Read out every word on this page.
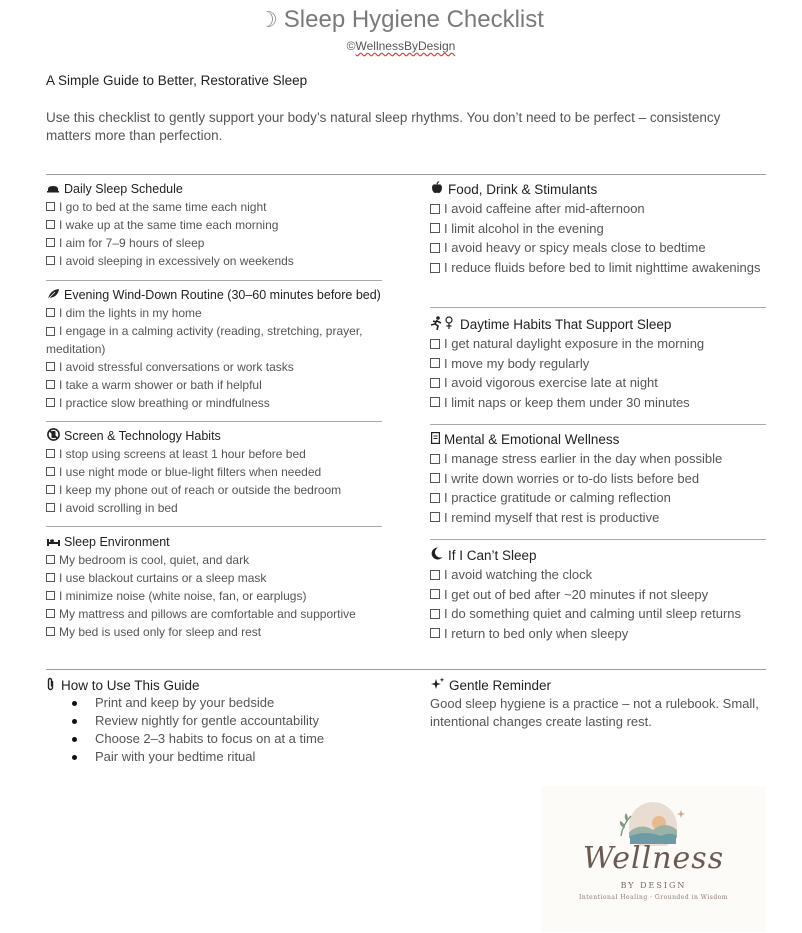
☽ Sleep Hygiene Checklist
©WellnessByDesign
A Simple Guide to Better, Restorative Sleep
Use this checklist to gently support your body’s natural sleep rhythms. You don’t need to be perfect – consistency matters more than perfection.
Daily Sleep Schedule
I go to bed at the same time each night
I wake up at the same time each morning
I aim for 7–9 hours of sleep
I avoid sleeping in excessively on weekends
Evening Wind-Down Routine (30–60 minutes before bed)
I dim the lights in my home
I engage in a calming activity (reading, stretching, prayer, meditation)
I avoid stressful conversations or work tasks
I take a warm shower or bath if helpful
I practice slow breathing or mindfulness
Screen & Technology Habits
I stop using screens at least 1 hour before bed
I use night mode or blue-light filters when needed
I keep my phone out of reach or outside the bedroom
I avoid scrolling in bed
Sleep Environment
My bedroom is cool, quiet, and dark
I use blackout curtains or a sleep mask
I minimize noise (white noise, fan, or earplugs)
My mattress and pillows are comfortable and supportive
My bed is used only for sleep and rest
Food, Drink & Stimulants
I avoid caffeine after mid-afternoon
I limit alcohol in the evening
I avoid heavy or spicy meals close to bedtime
I reduce fluids before bed to limit nighttime awakenings
Daytime Habits That Support Sleep
I get natural daylight exposure in the morning
I move my body regularly
I avoid vigorous exercise late at night
I limit naps or keep them under 30 minutes
Mental & Emotional Wellness
I manage stress earlier in the day when possible
I write down worries or to-do lists before bed
I practice gratitude or calming reflection
I remind myself that rest is productive
If I Can’t Sleep
I avoid watching the clock
I get out of bed after ~20 minutes if not sleepy
I do something quiet and calming until sleep returns
I return to bed only when sleepy
How to Use This Guide
Print and keep by your bedside
Review nightly for gentle accountability
Choose 2–3 habits to focus on at a time
Pair with your bedtime ritual
Gentle Reminder
Good sleep hygiene is a practice – not a rulebook. Small, intentional changes create lasting rest.
Wellness
BY DESIGN
Intentional Healing · Grounded in Wisdom
